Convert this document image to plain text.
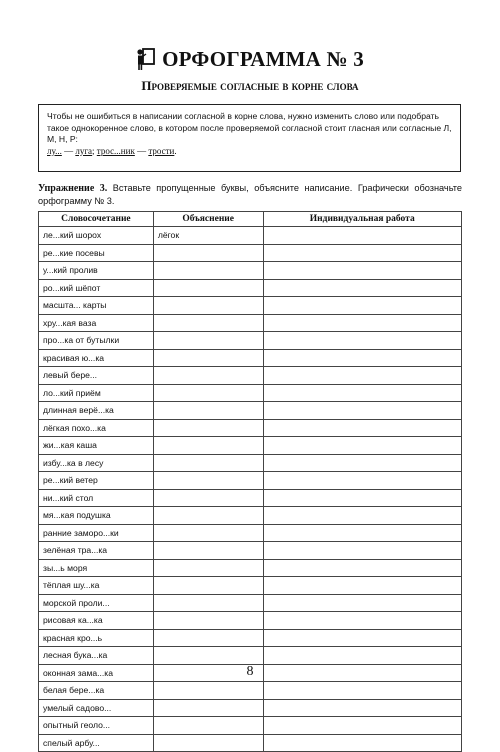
ОРФОГРАММА № 3
Проверяемые согласные в корне слова
Чтобы не ошибиться в написании согласной в корне слова, нужно изменить слово или подобрать такое однокоренное слово, в котором после проверяемой согласной стоит гласная или согласные Л, М, Н, Р:
лу... — луга; трос...ник — трости.
Упражнение 3. Вставьте пропущенные буквы, объясните написание. Графически обозначьте орфограмму № 3.
Словосочетание	Объяснение	Индивидуальная работа
ле...кий шорох	лёгок	
ре...кие посевы		
у...кий пролив		
ро...кий шёпот		
масшта... карты		
хру...кая ваза		
про...ка от бутылки		
красивая ю...ка		
левый бере...		
ло...кий приём		
длинная верё...ка		
лёгкая похо...ка		
жи...кая каша		
избу...ка в лесу		
ре...кий ветер		
ни...кий стол		
мя...кая подушка		
ранние заморо...ки		
зелёная тра...ка		
зы...ь моря		
тёплая шу...ка		
морской проли...		
рисовая ка...ка		
красная кро...ь		
лесная бука...ка		
оконная зама...ка		
белая бере...ка		
умелый садово...		
опытный геоло...		
спелый арбу...		
8
